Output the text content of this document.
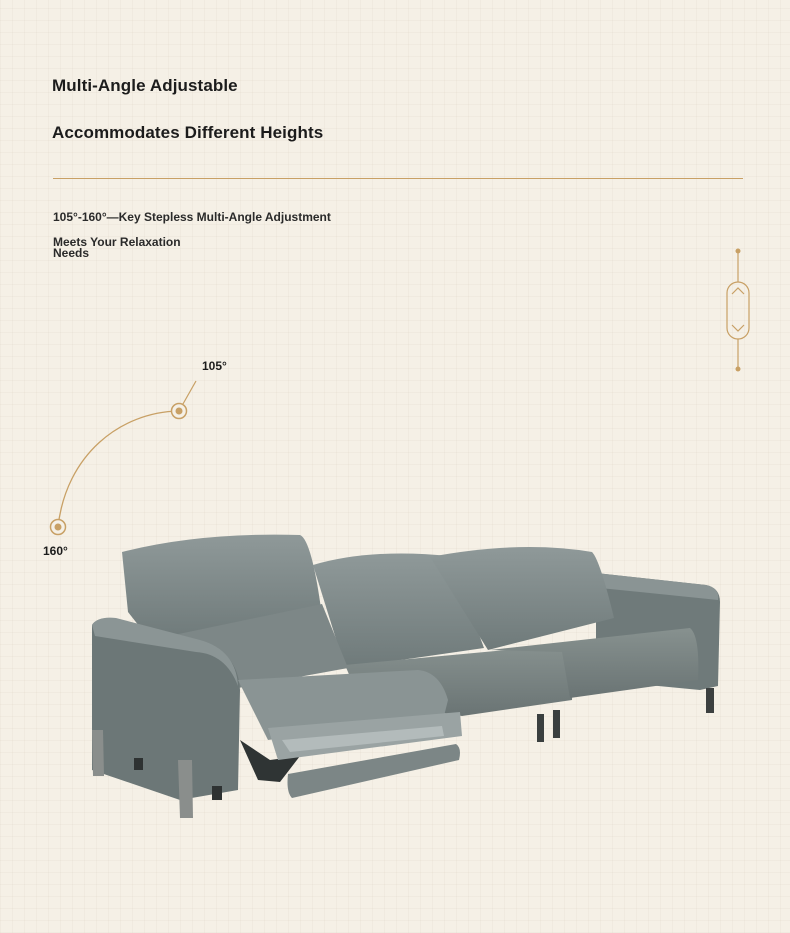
Multi-Angle Adjustable
Accommodates Different Heights

105°-160°—Key Stepless Multi-Angle Adjustment

Meets Your Relaxation Needs

105°
160°
